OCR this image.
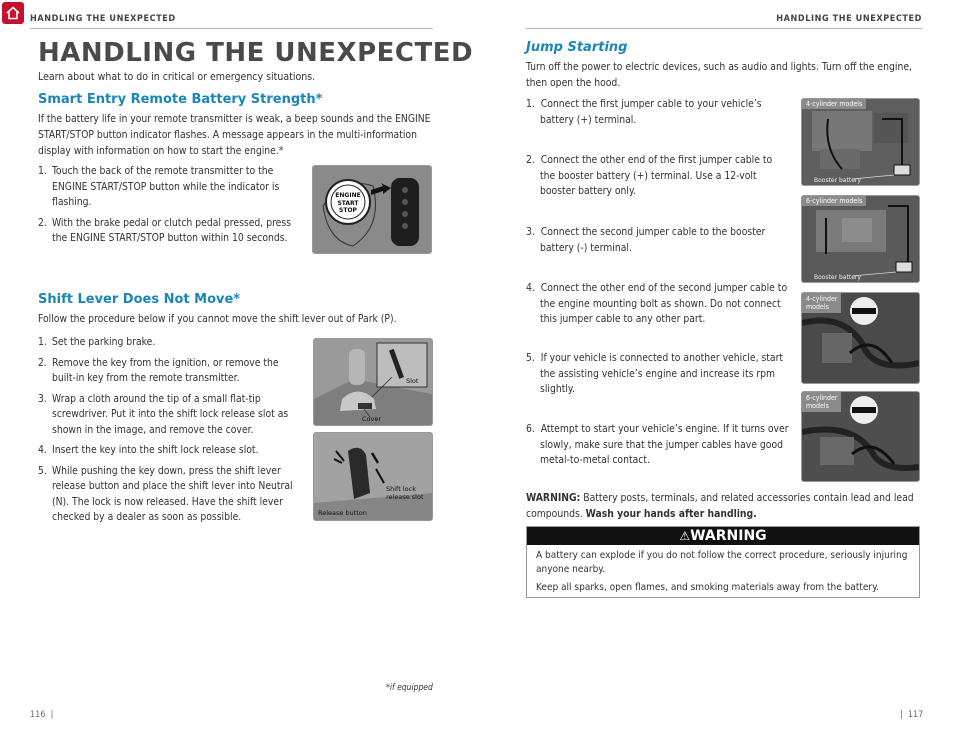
HANDLING THE UNEXPECTED	HANDLING THE UNEXPECTED
HANDLING THE UNEXPECTED
Learn about what to do in critical or emergency situations.
Smart Entry Remote Battery Strength*
If the battery life in your remote transmitter is weak, a beep sounds and the ENGINE START/STOP button indicator flashes. A message appears in the multi-information display with information on how to start the engine.*
1. Touch the back of the remote transmitter to the ENGINE START/STOP button while the indicator is flashing.
2. With the brake pedal or clutch pedal pressed, press the ENGINE START/STOP button within 10 seconds.
ENGINE
START
STOP
Shift Lever Does Not Move*
Follow the procedure below if you cannot move the shift lever out of Park (P).
1. Set the parking brake.
2. Remove the key from the ignition, or remove the built-in key from the remote transmitter.
3. Wrap a cloth around the tip of a small flat-tip screwdriver. Put it into the shift lock release slot as shown in the image, and remove the cover.
4. Insert the key into the shift lock release slot.
5. While pushing the key down, press the shift lever release button and place the shift lever into Neutral (N). The lock is now released. Have the shift lever checked by a dealer as soon as possible.
Slot
Cover
Shift lock
release slot
Release button
*if equipped
116  |
Jump Starting
Turn off the power to electric devices, such as audio and lights. Turn off the engine, then open the hood.
1. Connect the first jumper cable to your vehicle’s battery (+) terminal.
2. Connect the other end of the first jumper cable to the booster battery (+) terminal. Use a 12-volt booster battery only.
3. Connect the second jumper cable to the booster battery (-) terminal.
4. Connect the other end of the second jumper cable to the engine mounting bolt as shown. Do not connect this jumper cable to any other part.
5. If your vehicle is connected to another vehicle, start the assisting vehicle’s engine and increase its rpm slightly.
6. Attempt to start your vehicle’s engine. If it turns over slowly, make sure that the jumper cables have good metal-to-metal contact.
Booster battery
4-cylinder models
Booster battery
6-cylinder models
4-cylinder
models
6-cylinder
models
WARNING: Battery posts, terminals, and related accessories contain lead and lead compounds. Wash your hands after handling.
⚠WARNING
A battery can explode if you do not follow the correct procedure, seriously injuring anyone nearby.
Keep all sparks, open flames, and smoking materials away from the battery.
|  117
